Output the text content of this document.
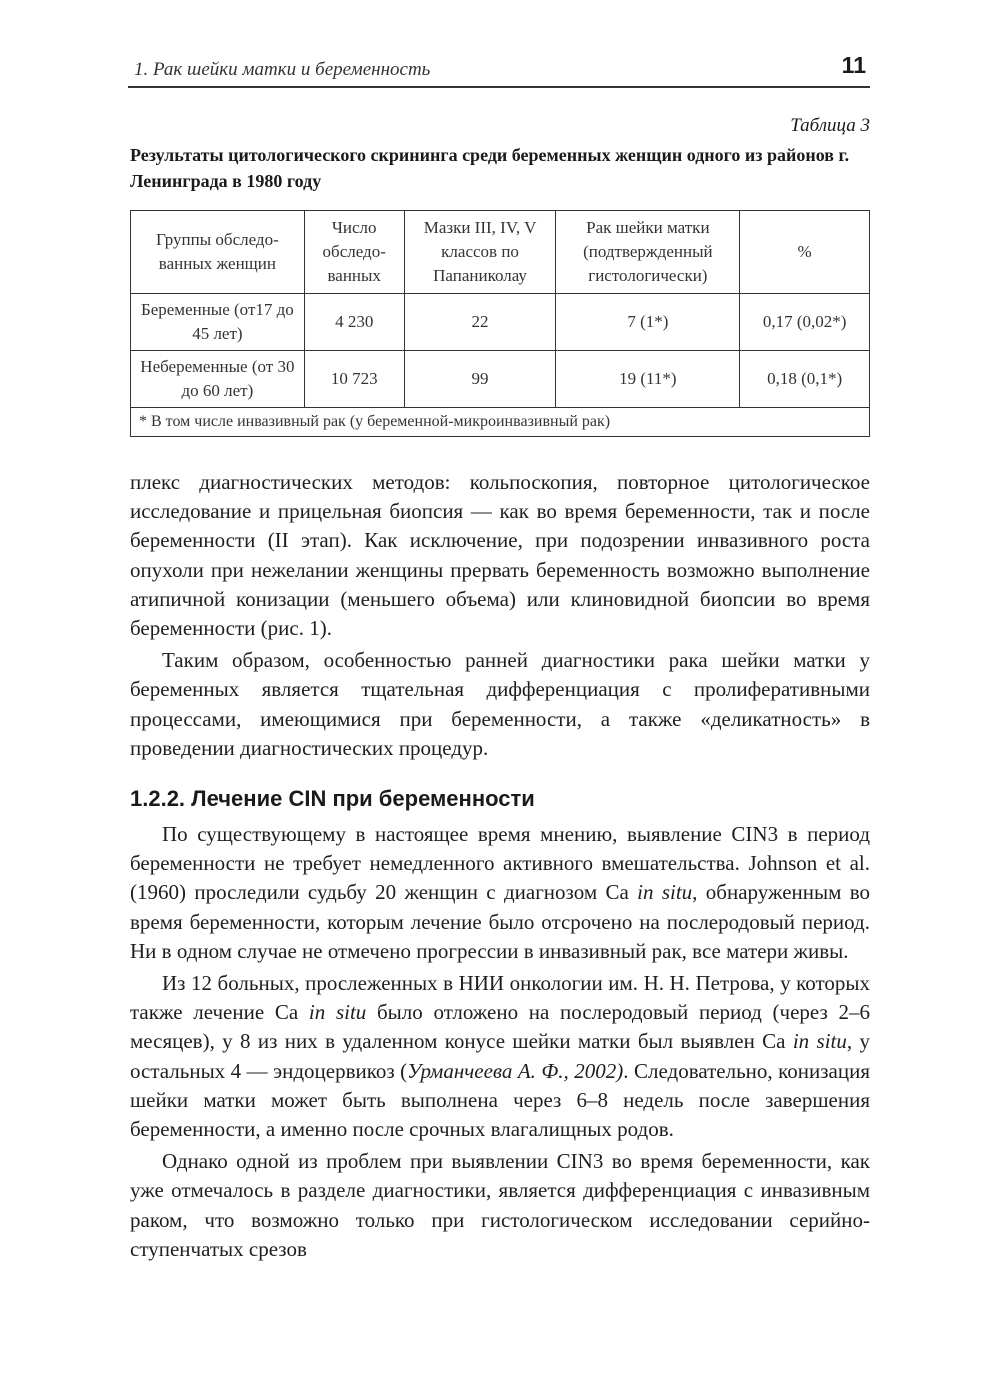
1. Рак шейки матки и беременность	11
Таблица 3
Результаты цитологического скрининга среди беременных женщин одного из районов г. Ленинграда в 1980 году
Группы обследо-ванных женщин	Число обследо-ванных	Мазки III, IV, V классов по Папаниколау	Рак шейки матки (подтвержденный гистологически)	%
Беременные (от17 до 45 лет)	4 230	22	7 (1*)	0,17 (0,02*)
Небеременные (от 30 до 60 лет)	10 723	99	19 (11*)	0,18 (0,1*)
* В том числе инвазивный рак (у беременной-микроинвазивный рак)				

плекс диагностических методов: кольпоскопия, повторное цитологическое исследование и прицельная биопсия — как во время беременности, так и после беременности (II этап). Как исключение, при подозрении инвазивного роста опухоли при нежелании женщины прервать беременность возможно выполнение атипичной конизации (меньшего объема) или клиновидной биопсии во время беременности (рис. 1).

Таким образом, особенностью ранней диагностики рака шейки матки у беременных является тщательная дифференциация с пролиферативными процессами, имеющимися при беременности, а также «деликатность» в проведении диагностических процедур.

1.2.2. Лечение CIN при беременности

По существующему в настоящее время мнению, выявление CIN3 в период беременности не требует немедленного активного вмешательства. Johnson et al. (1960) проследили судьбу 20 женщин с диагнозом Ca in situ, обнаруженным во время беременности, которым лечение было отсрочено на послеродовый период. Ни в одном случае не отмечено прогрессии в инвазивный рак, все матери живы.

Из 12 больных, прослеженных в НИИ онкологии им. Н. Н. Петрова, у которых также лечение Ca in situ было отложено на послеродовый период (через 2–6 месяцев), у 8 из них в удаленном конусе шейки матки был выявлен Ca in situ, у остальных 4 — эндоцервикоз (Урманчеева А. Ф., 2002). Следовательно, конизация шейки матки может быть выполнена через 6–8 недель после завершения беременности, а именно после срочных влагалищных родов.

Однако одной из проблем при выявлении CIN3 во время беременности, как уже отмечалось в разделе диагностики, является дифференциация с инвазивным раком, что возможно только при гистологическом исследовании серийно-ступенчатых срезов
